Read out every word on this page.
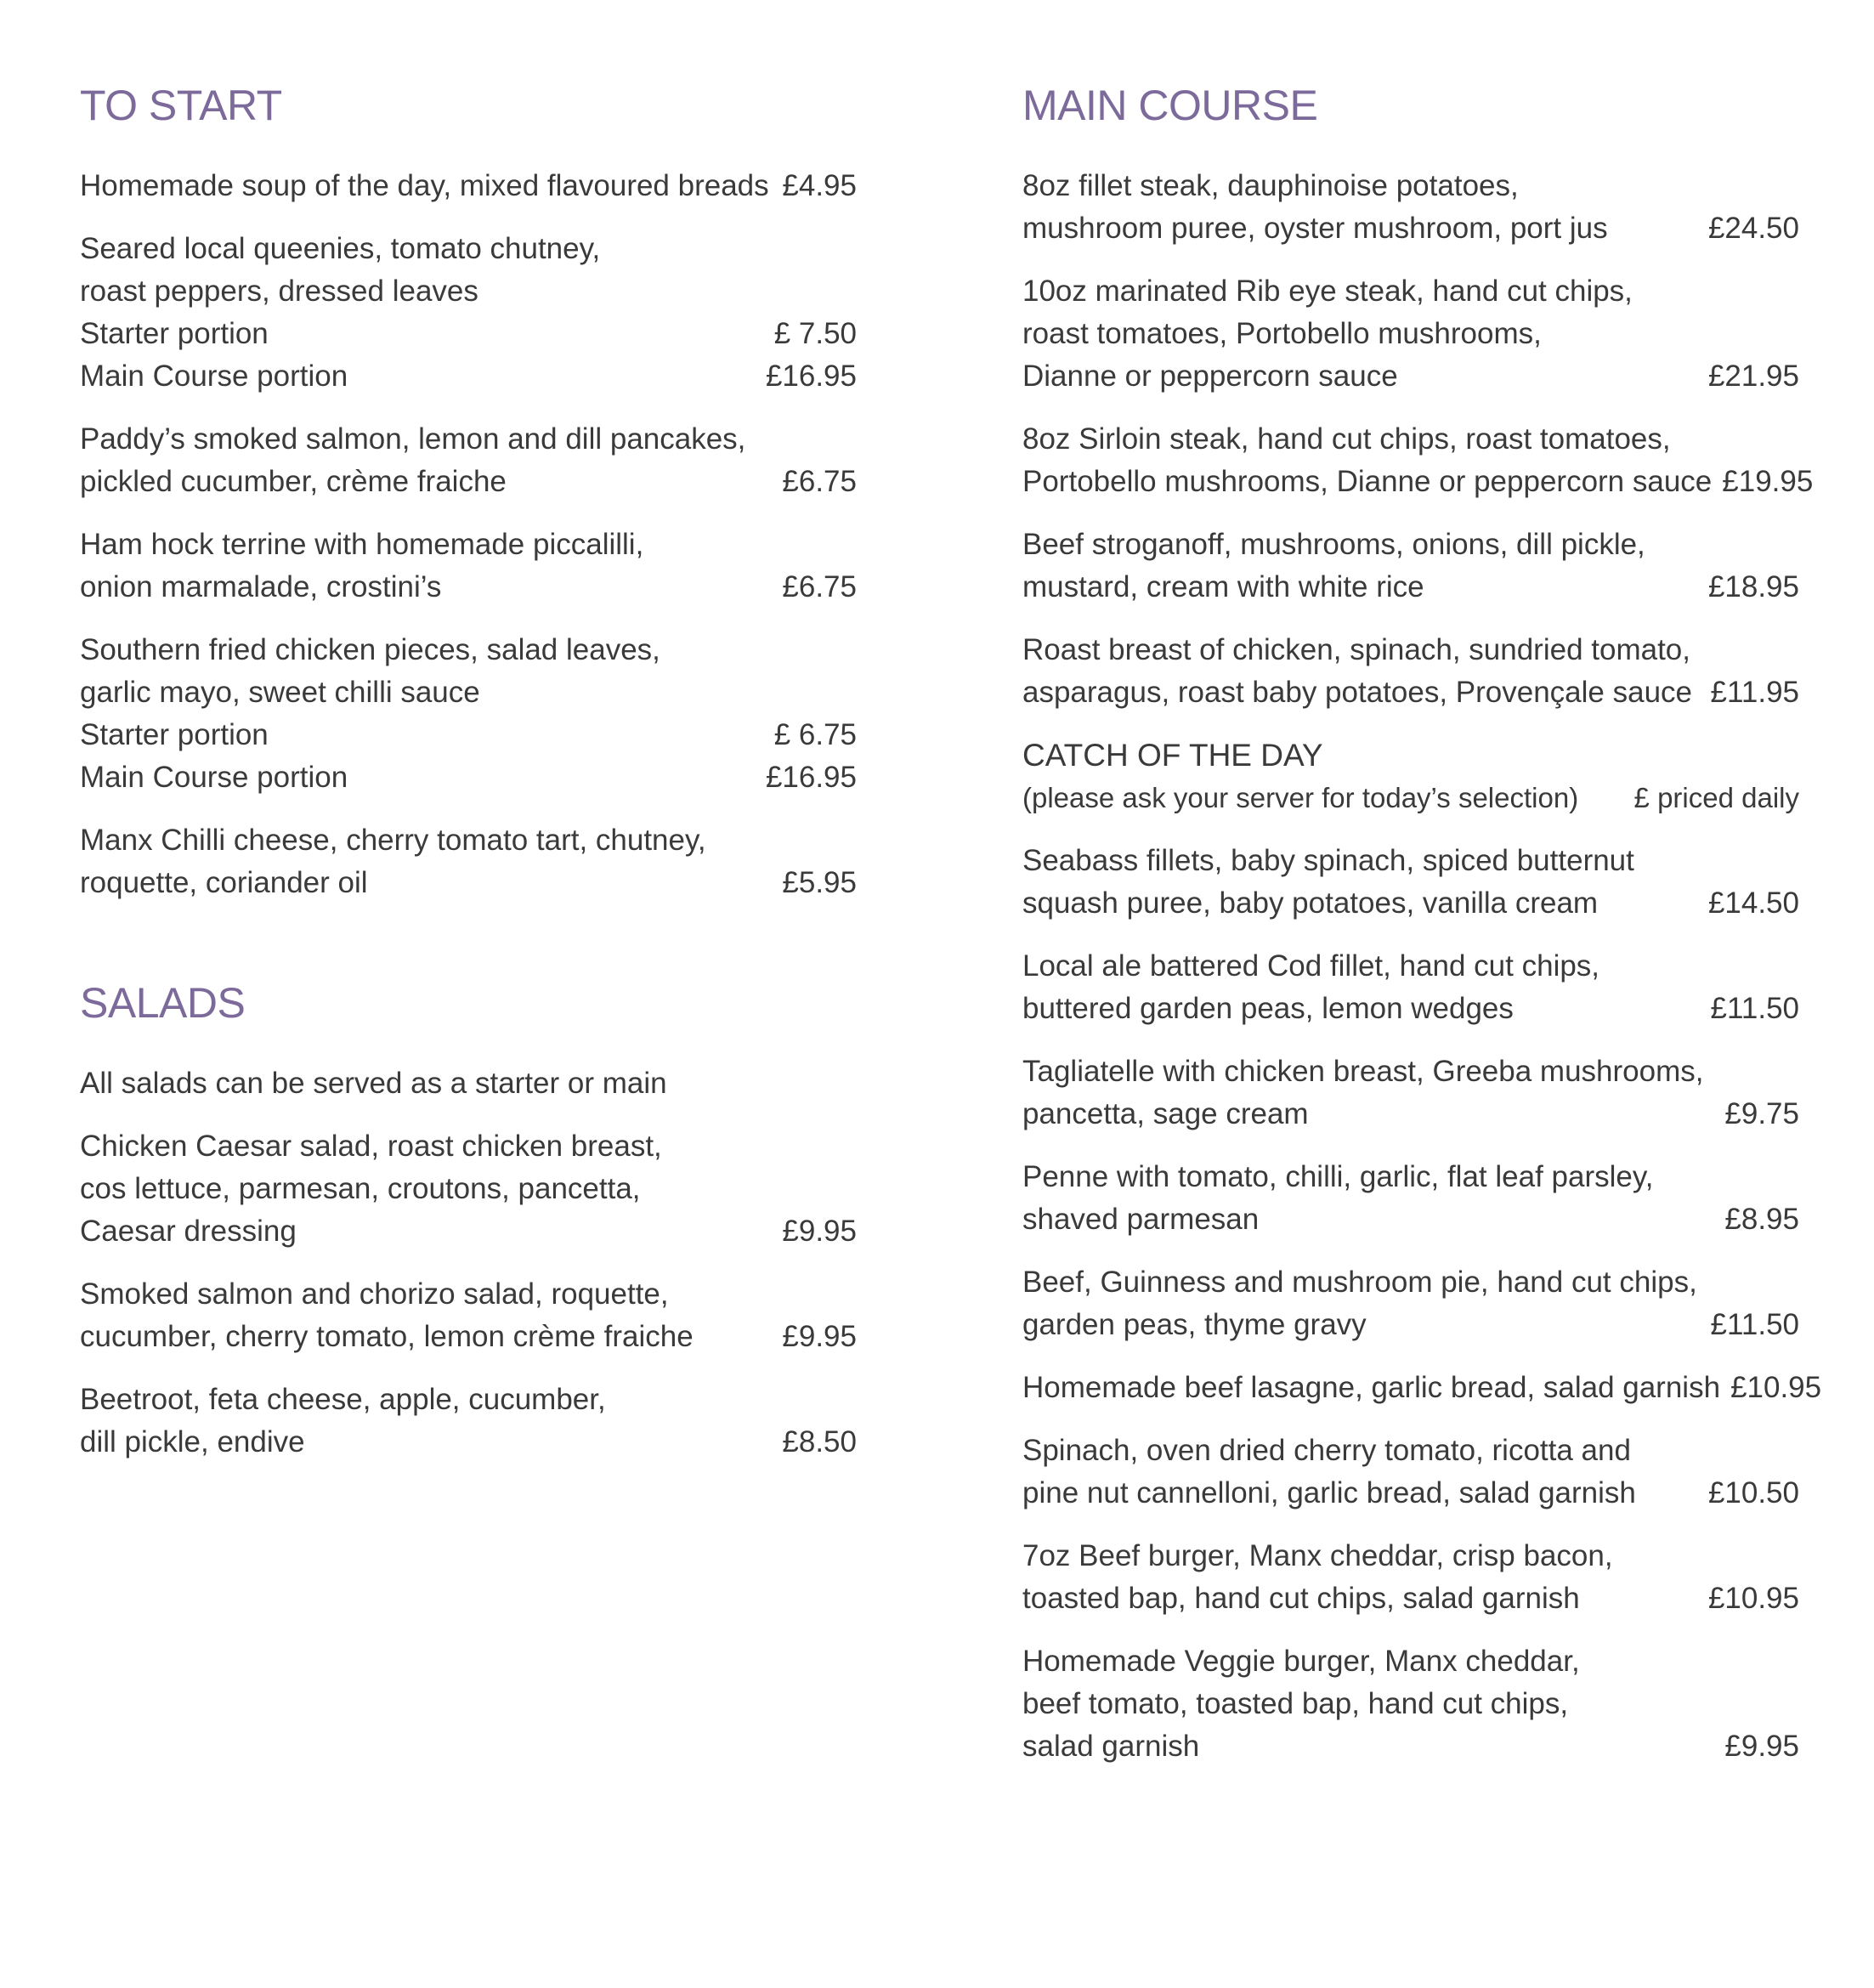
TO START
Homemade soup of the day, mixed flavoured breads £4.95
Seared local queenies, tomato chutney,
roast peppers, dressed leaves
Starter portion	£ 7.50
Main Course portion	£16.95
Paddy’s smoked salmon, lemon and dill pancakes,
pickled cucumber, crème fraiche	£6.75
Ham hock terrine with homemade piccalilli,
onion marmalade, crostini’s	£6.75
Southern fried chicken pieces, salad leaves,
garlic mayo, sweet chilli sauce
Starter portion	£ 6.75
Main Course portion	£16.95
Manx Chilli cheese, cherry tomato tart, chutney,
roquette, coriander oil	£5.95
SALADS
All salads can be served as a starter or main
Chicken Caesar salad, roast chicken breast,
cos lettuce, parmesan, croutons, pancetta,
Caesar dressing	£9.95
Smoked salmon and chorizo salad, roquette,
cucumber, cherry tomato, lemon crème fraiche	£9.95
Beetroot, feta cheese, apple, cucumber,
dill pickle, endive	£8.50
MAIN COURSE
8oz fillet steak, dauphinoise potatoes,
mushroom puree, oyster mushroom, port jus	£24.50
10oz marinated Rib eye steak, hand cut chips,
roast tomatoes, Portobello mushrooms,
Dianne or peppercorn sauce	£21.95
8oz Sirloin steak, hand cut chips, roast tomatoes,
Portobello mushrooms, Dianne or peppercorn sauce £19.95
Beef stroganoff, mushrooms, onions, dill pickle,
mustard, cream with white rice	£18.95
Roast breast of chicken, spinach, sundried tomato,
asparagus, roast baby potatoes, Provençale sauce £11.95
CATCH OF THE DAY
(please ask your server for today’s selection) £ priced daily
Seabass fillets, baby spinach, spiced butternut
squash puree, baby potatoes, vanilla cream	£14.50
Local ale battered Cod fillet, hand cut chips,
buttered garden peas, lemon wedges	£11.50
Tagliatelle with chicken breast, Greeba mushrooms,
pancetta, sage cream	£9.75
Penne with tomato, chilli, garlic, flat leaf parsley,
shaved parmesan	£8.95
Beef, Guinness and mushroom pie, hand cut chips,
garden peas, thyme gravy	£11.50
Homemade beef lasagne, garlic bread, salad garnish £10.95
Spinach, oven dried cherry tomato, ricotta and
pine nut cannelloni, garlic bread, salad garnish £10.50
7oz Beef burger, Manx cheddar, crisp bacon,
toasted bap, hand cut chips, salad garnish	£10.95
Homemade Veggie burger, Manx cheddar,
beef tomato, toasted bap, hand cut chips,
salad garnish	£9.95
